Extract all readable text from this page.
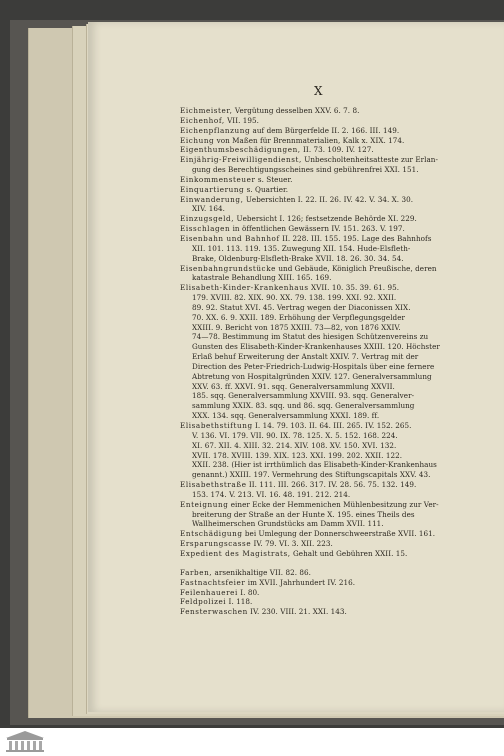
X
Eichmeister, Vergütung desselben XXV. 6. 7. 8.
Eichenhof, VII. 195.
Eichenpflanzung auf dem Bürgerfelde II. 2. 166. III. 149.
Eichung von Maßen für Brennmaterialien, Kalk x. XIX. 174.
Eigenthumsbeschädigungen, II. 73. 109. IV. 127.
Einjährig-Freiwilligendienst, Unbescholtenheitsatteste zur Erlan-
gung des Berechtigungsscheines sind gebührenfrei XXI. 151.
Einkommensteuer s. Steuer.
Einquartierung s. Quartier.
Einwanderung, Uebersichten I. 22. II. 26. IV. 42. V. 34. X. 30.
XIV. 164.
Einzugsgeld, Uebersicht I. 126; festsetzende Behörde XI. 229.
Eisschlagen in öffentlichen Gewässern IV. 151. 263. V. 197.
Eisenbahn und Bahnhof II. 228. III. 155. 195. Lage des Bahnhofs
XII. 101. 113. 119. 135. Zuwegung XII. 154. Hude-Elsfleth-
Brake, Oldenburg-Elsfleth-Brake XVII. 18. 26. 30. 34. 54.
Eisenbahngrundstücke und Gebäude, Königlich Preußische, deren
katastrale Behandlung XIII. 165. 169.
Elisabeth-Kinder-Krankenhaus XVII. 10. 35. 39. 61. 95.
179. XVIII. 82. XIX. 90. XX. 79. 138. 199. XXI. 92. XXII.
89. 92. Statut XVI. 45. Vertrag wegen der Diaconissen XIX.
70. XX. 6. 9. XXII. 189. Erhöhung der Verpflegungsgelder
XXIII. 9. Bericht von 1875 XXIII. 73—82, von 1876 XXIV.
74—78. Bestimmung im Statut des hiesigen Schützenvereins zu
Gunsten des Elisabeth-Kinder-Krankenhauses XXIII. 120. Höchster
Erlaß behuf Erweiterung der Anstalt XXIV. 7. Vertrag mit der
Direction des Peter-Friedrich-Ludwig-Hospitals über eine fernere
Abtretung von Hospitalgründen XXIV. 127. Generalversammlung
XXV. 63. ff. XXVI. 91. sqq. Generalversammlung XXVII.
185. sqq. Generalversammlung XXVIII. 93. sqq. Generalver-
sammlung XXIX. 83. sqq. und 86. sqq. Generalversammlung
XXX. 134. sqq. Generalversammlung XXXI. 189. ff.
Elisabethstiftung I. 14. 79. 103. II. 64. III. 265. IV. 152. 265.
V. 136. VI. 179. VII. 90. IX. 78. 125. X. 5. 152. 168. 224.
XI. 67. XII. 4. XIII. 32. 214. XIV. 108. XV. 150. XVI. 132.
XVII. 178. XVIII. 139. XIX. 123. XXI. 199. 202. XXII. 122.
XXII. 238. (Hier ist irrthümlich das Elisabeth-Kinder-Krankenhaus
genannt.) XXIII. 197. Vermehrung des Stiftungscapitals XXV. 43.
Elisabethstraße II. 111. III. 266. 317. IV. 28. 56. 75. 132. 149.
153. 174. V. 213. VI. 16. 48. 191. 212. 214.
Enteignung einer Ecke der Hemmenichen Mühlenbesitzung zur Ver-
breiterung der Straße an der Hunte X. 195. eines Theils des
Wallheimerschen Grundstücks am Damm XVII. 111.
Entschädigung bei Umlegung der Donnerschweerstraße XVII. 161.
Ersparungscasse IV. 79. VI. 3. XII. 223.
Expedient des Magistrats, Gehalt und Gebühren XXII. 15.
Farben, arsenikhaltige VII. 82. 86.
Fastnachtsfeier im XVII. Jahrhundert IV. 216.
Feilenhauerei I. 80.
Feldpolizei I. 118.
Fensterwaschen IV. 230. VIII. 21. XXI. 143.
